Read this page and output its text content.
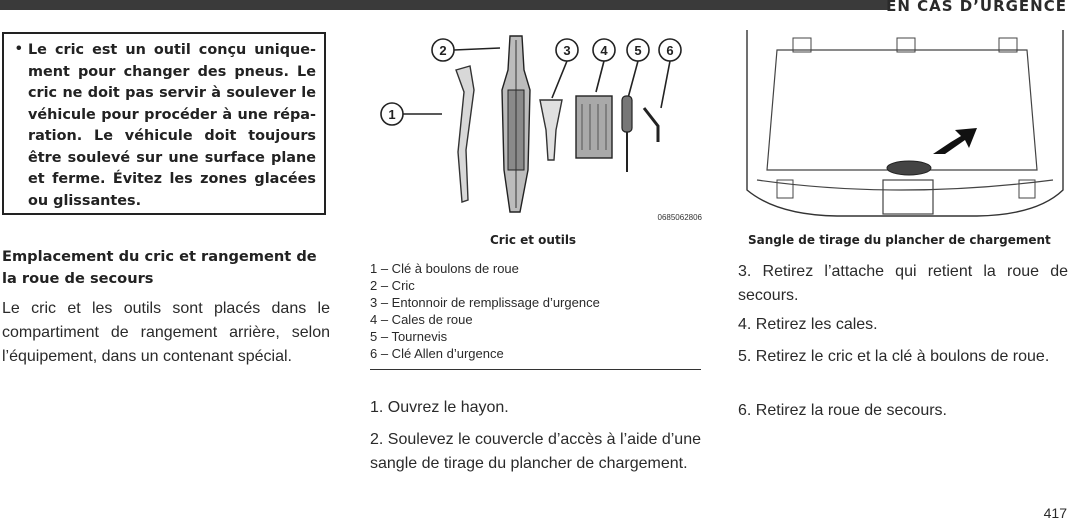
EN CAS D’URGENCE
• Le cric est un outil conçu unique-ment pour changer des pneus. Le cric ne doit pas servir à soulever le véhicule pour procéder à une répa-ration. Le véhicule doit toujours être soulevé sur une surface plane et ferme. Évitez les zones glacées ou glissantes.

Emplacement du cric et rangement de la roue de secours
Le cric et les outils sont placés dans le compartiment de rangement arrière, selon l’équipement, dans un contenant spécial.
2
1
3 4 5 6
0685062806
Cric et outils
1 – Clé à boulons de roue
2 – Cric
3 – Entonnoir de remplissage d’urgence
4 – Cales de roue
5 – Tournevis
6 – Clé Allen d’urgence
1. Ouvrez le hayon.
2. Soulevez le couvercle d’accès à l’aide d’une sangle de tirage du plancher de chargement.
Sangle de tirage du plancher de chargement
3. Retirez l’attache qui retient la roue de secours.
4. Retirez les cales.
5. Retirez le cric et la clé à boulons de roue.
6. Retirez la roue de secours.
417
